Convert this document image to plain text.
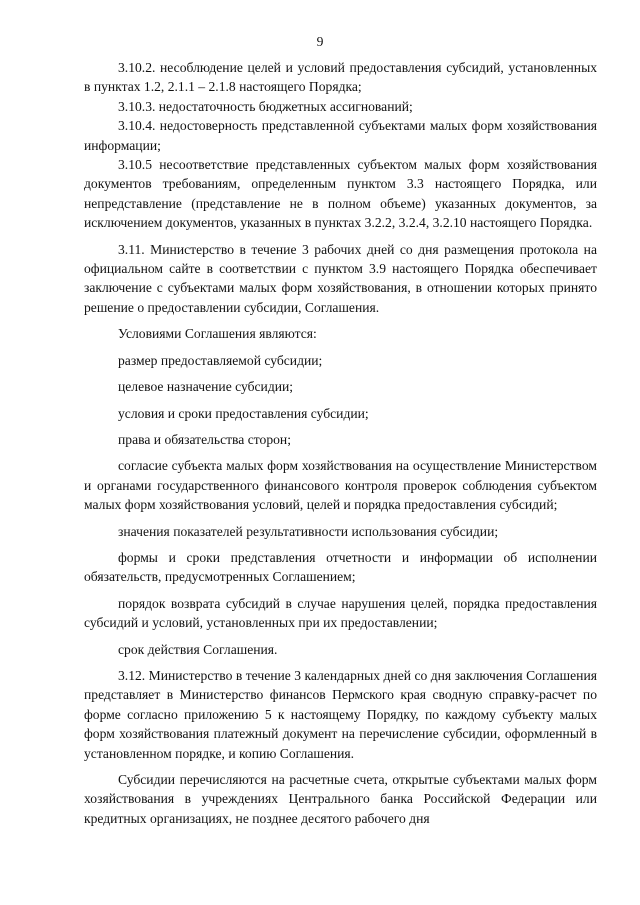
9

3.10.2. несоблюдение целей и условий предоставления субсидий, установленных в пунктах 1.2, 2.1.1 – 2.1.8 настоящего Порядка;

3.10.3. недостаточность бюджетных ассигнований;

3.10.4. недостоверность представленной субъектами малых форм хозяйствования информации;

3.10.5 несоответствие представленных субъектом малых форм хозяйствования документов требованиям, определенным пунктом 3.3 настоящего Порядка, или непредставление (представление не в полном объеме) указанных документов, за исключением документов, указанных в пунктах 3.2.2, 3.2.4, 3.2.10 настоящего Порядка.

3.11. Министерство в течение 3 рабочих дней со дня размещения протокола на официальном сайте в соответствии с пунктом 3.9 настоящего Порядка обеспечивает заключение с субъектами малых форм хозяйствования, в отношении которых принято решение о предоставлении субсидии, Соглашения.

Условиями Соглашения являются:

размер предоставляемой субсидии;

целевое назначение субсидии;

условия и сроки предоставления субсидии;

права и обязательства сторон;

согласие субъекта малых форм хозяйствования на осуществление Министерством и органами государственного финансового контроля проверок соблюдения субъектом малых форм хозяйствования условий, целей и порядка предоставления субсидий;

значения показателей результативности использования субсидии;

формы и сроки представления отчетности и информации об исполнении обязательств, предусмотренных Соглашением;

порядок возврата субсидий в случае нарушения целей, порядка предоставления субсидий и условий, установленных при их предоставлении;

срок действия Соглашения.

3.12. Министерство в течение 3 календарных дней со дня заключения Соглашения представляет в Министерство финансов Пермского края сводную справку-расчет по форме согласно приложению 5 к настоящему Порядку, по каждому субъекту малых форм хозяйствования платежный документ на перечисление субсидии, оформленный в установленном порядке, и копию Соглашения.

Субсидии перечисляются на расчетные счета, открытые субъектами малых форм хозяйствования в учреждениях Центрального банка Российской Федерации или кредитных организациях, не позднее десятого рабочего дня
